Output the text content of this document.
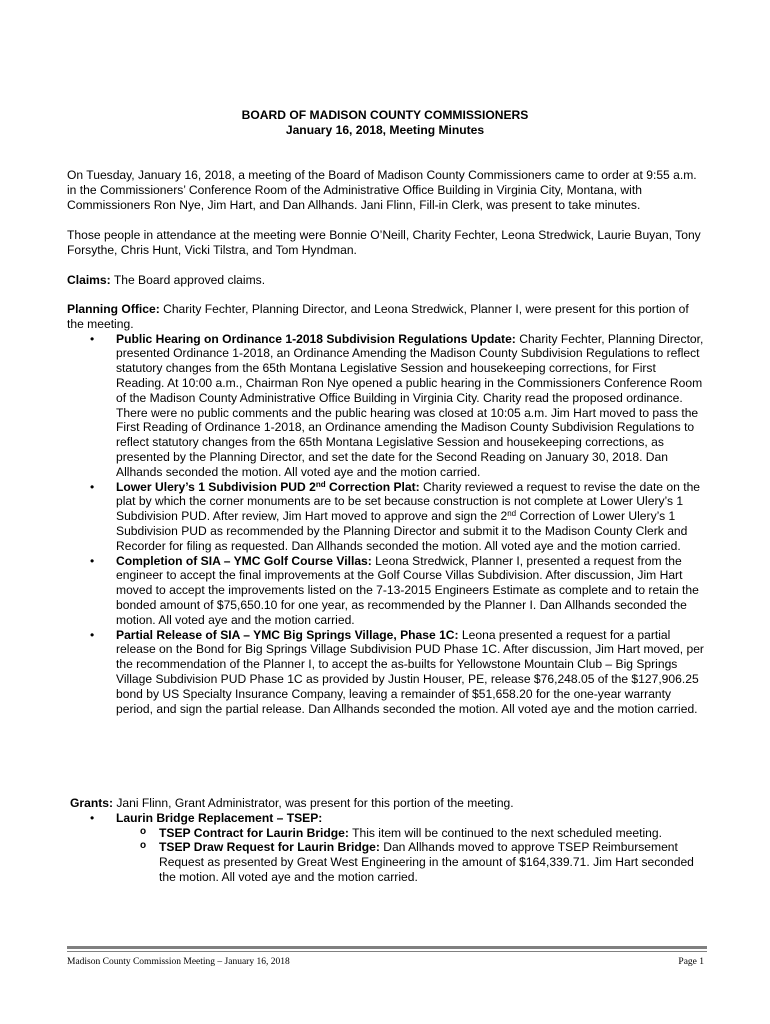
BOARD OF MADISON COUNTY COMMISSIONERS
January 16, 2018, Meeting Minutes

On Tuesday, January 16, 2018, a meeting of the Board of Madison County Commissioners came to order at 9:55 a.m. in the Commissioners’ Conference Room of the Administrative Office Building in Virginia City, Montana, with Commissioners Ron Nye, Jim Hart, and Dan Allhands. Jani Flinn, Fill-in Clerk, was present to take minutes.

Those people in attendance at the meeting were Bonnie O’Neill, Charity Fechter, Leona Stredwick, Laurie Buyan, Tony Forsythe, Chris Hunt, Vicki Tilstra, and Tom Hyndman.

Claims: The Board approved claims.

Planning Office: Charity Fechter, Planning Director, and Leona Stredwick, Planner I, were present for this portion of the meeting.

• Public Hearing on Ordinance 1-2018 Subdivision Regulations Update: Charity Fechter, Planning Director, presented Ordinance 1-2018, an Ordinance Amending the Madison County Subdivision Regulations to reflect statutory changes from the 65th Montana Legislative Session and housekeeping corrections, for First Reading. At 10:00 a.m., Chairman Ron Nye opened a public hearing in the Commissioners Conference Room of the Madison County Administrative Office Building in Virginia City. Charity read the proposed ordinance. There were no public comments and the public hearing was closed at 10:05 a.m. Jim Hart moved to pass the First Reading of Ordinance 1-2018, an Ordinance amending the Madison County Subdivision Regulations to reflect statutory changes from the 65th Montana Legislative Session and housekeeping corrections, as presented by the Planning Director, and set the date for the Second Reading on January 30, 2018. Dan Allhands seconded the motion. All voted aye and the motion carried.
• Lower Ulery’s 1 Subdivision PUD 2nd Correction Plat: Charity reviewed a request to revise the date on the plat by which the corner monuments are to be set because construction is not complete at Lower Ulery’s 1 Subdivision PUD. After review, Jim Hart moved to approve and sign the 2nd Correction of Lower Ulery’s 1 Subdivision PUD as recommended by the Planning Director and submit it to the Madison County Clerk and Recorder for filing as requested. Dan Allhands seconded the motion. All voted aye and the motion carried.
• Completion of SIA – YMC Golf Course Villas: Leona Stredwick, Planner I, presented a request from the engineer to accept the final improvements at the Golf Course Villas Subdivision. After discussion, Jim Hart moved to accept the improvements listed on the 7-13-2015 Engineers Estimate as complete and to retain the bonded amount of $75,650.10 for one year, as recommended by the Planner I. Dan Allhands seconded the motion. All voted aye and the motion carried.
• Partial Release of SIA – YMC Big Springs Village, Phase 1C: Leona presented a request for a partial release on the Bond for Big Springs Village Subdivision PUD Phase 1C. After discussion, Jim Hart moved, per the recommendation of the Planner I, to accept the as-builts for Yellowstone Mountain Club – Big Springs Village Subdivision PUD Phase 1C as provided by Justin Houser, PE, release $76,248.05 of the $127,906.25 bond by US Specialty Insurance Company, leaving a remainder of $51,658.20 for the one-year warranty period, and sign the partial release. Dan Allhands seconded the motion. All voted aye and the motion carried.

Grants: Jani Flinn, Grant Administrator, was present for this portion of the meeting.

• Laurin Bridge Replacement – TSEP:
o TSEP Contract for Laurin Bridge: This item will be continued to the next scheduled meeting.
o TSEP Draw Request for Laurin Bridge: Dan Allhands moved to approve TSEP Reimbursement Request as presented by Great West Engineering in the amount of $164,339.71. Jim Hart seconded the motion. All voted aye and the motion carried.
Madison County Commission Meeting – January 16, 2018	Page 1
